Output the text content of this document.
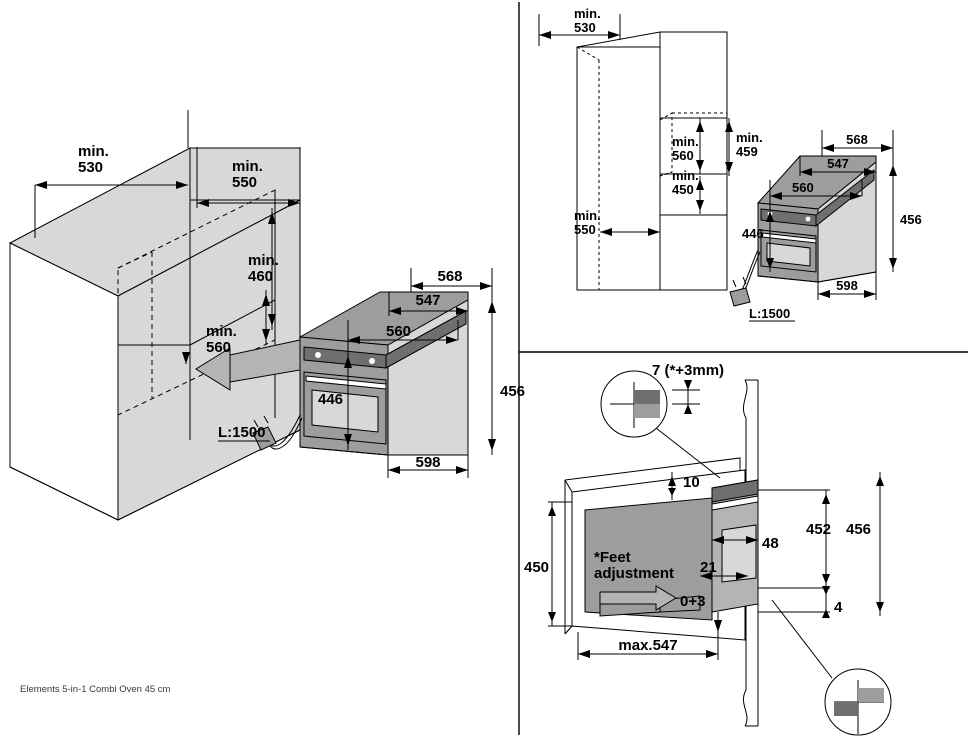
min.
530	min.
550
min.
460
min.
560
568
547
560
446	456
598
L:1500
L:1500
min.
530
min.
560
min.
450
min.
550
min.
459
568
547
560
446
456
598
7 (*+3mm)
10
48
21
452 456
4
450
*Feet
adjustment
0+3
max.547
Elements 5-in-1 Combi Oven 45 cm
